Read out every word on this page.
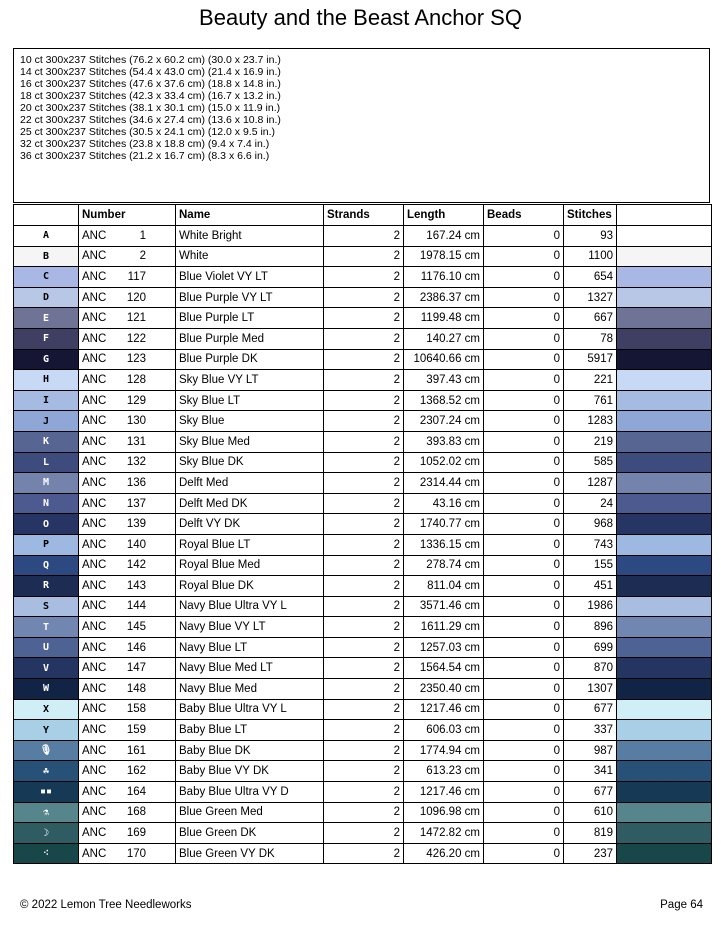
Beauty and the Beast Anchor SQ
10 ct 300x237 Stitches (76.2 x 60.2 cm) (30.0 x 23.7 in.)
14 ct 300x237 Stitches (54.4 x 43.0 cm) (21.4 x 16.9 in.)
16 ct 300x237 Stitches (47.6 x 37.6 cm) (18.8 x 14.8 in.)
18 ct 300x237 Stitches (42.3 x 33.4 cm) (16.7 x 13.2 in.)
20 ct 300x237 Stitches (38.1 x 30.1 cm) (15.0 x 11.9 in.)
22 ct 300x237 Stitches (34.6 x 27.4 cm) (13.6 x 10.8 in.)
25 ct 300x237 Stitches (30.5 x 24.1 cm) (12.0 x 9.5 in.)
32 ct 300x237 Stitches (23.8 x 18.8 cm) (9.4 x 7.4 in.)
36 ct 300x237 Stitches (21.2 x 16.7 cm) (8.3 x 6.6 in.)
	Number	Name	Strands	Length	Beads	Stitches	
A	ANC 1	White Bright	2	167.24 cm	0	93	
B	ANC 2	White	2	1978.15 cm	0	1100	
C	ANC 117	Blue Violet VY LT	2	1176.10 cm	0	654	
D	ANC 120	Blue Purple VY LT	2	2386.37 cm	0	1327	
E	ANC 121	Blue Purple LT	2	1199.48 cm	0	667	
F	ANC 122	Blue Purple Med	2	140.27 cm	0	78	
G	ANC 123	Blue Purple DK	2	10640.66 cm	0	5917	
H	ANC 128	Sky Blue VY LT	2	397.43 cm	0	221	
I	ANC 129	Sky Blue LT	2	1368.52 cm	0	761	
J	ANC 130	Sky Blue	2	2307.24 cm	0	1283	
K	ANC 131	Sky Blue Med	2	393.83 cm	0	219	
L	ANC 132	Sky Blue DK	2	1052.02 cm	0	585	
M	ANC 136	Delft Med	2	2314.44 cm	0	1287	
N	ANC 137	Delft Med DK	2	43.16 cm	0	24	
O	ANC 139	Delft VY DK	2	1740.77 cm	0	968	
P	ANC 140	Royal Blue LT	2	1336.15 cm	0	743	
Q	ANC 142	Royal Blue Med	2	278.74 cm	0	155	
R	ANC 143	Royal Blue DK	2	811.04 cm	0	451	
S	ANC 144	Navy Blue Ultra VY L	2	3571.46 cm	0	1986	
T	ANC 145	Navy Blue VY LT	2	1611.29 cm	0	896	
U	ANC 146	Navy Blue LT	2	1257.03 cm	0	699	
V	ANC 147	Navy Blue Med LT	2	1564.54 cm	0	870	
W	ANC 148	Navy Blue Med	2	2350.40 cm	0	1307	
X	ANC 158	Baby Blue Ultra VY L	2	1217.46 cm	0	677	
Y	ANC 159	Baby Blue LT	2	606.03 cm	0	337	
🎙	ANC 161	Baby Blue DK	2	1774.94 cm	0	987	
☘	ANC 162	Baby Blue VY DK	2	613.23 cm	0	341	
▪▪	ANC 164	Baby Blue Ultra VY D	2	1217.46 cm	0	677	
⚗	ANC 168	Blue Green Med	2	1096.98 cm	0	610	
☽	ANC 169	Blue Green DK	2	1472.82 cm	0	819	
⁖	ANC 170	Blue Green VY DK	2	426.20 cm	0	237	
© 2022 Lemon Tree Needleworks	Page 64
